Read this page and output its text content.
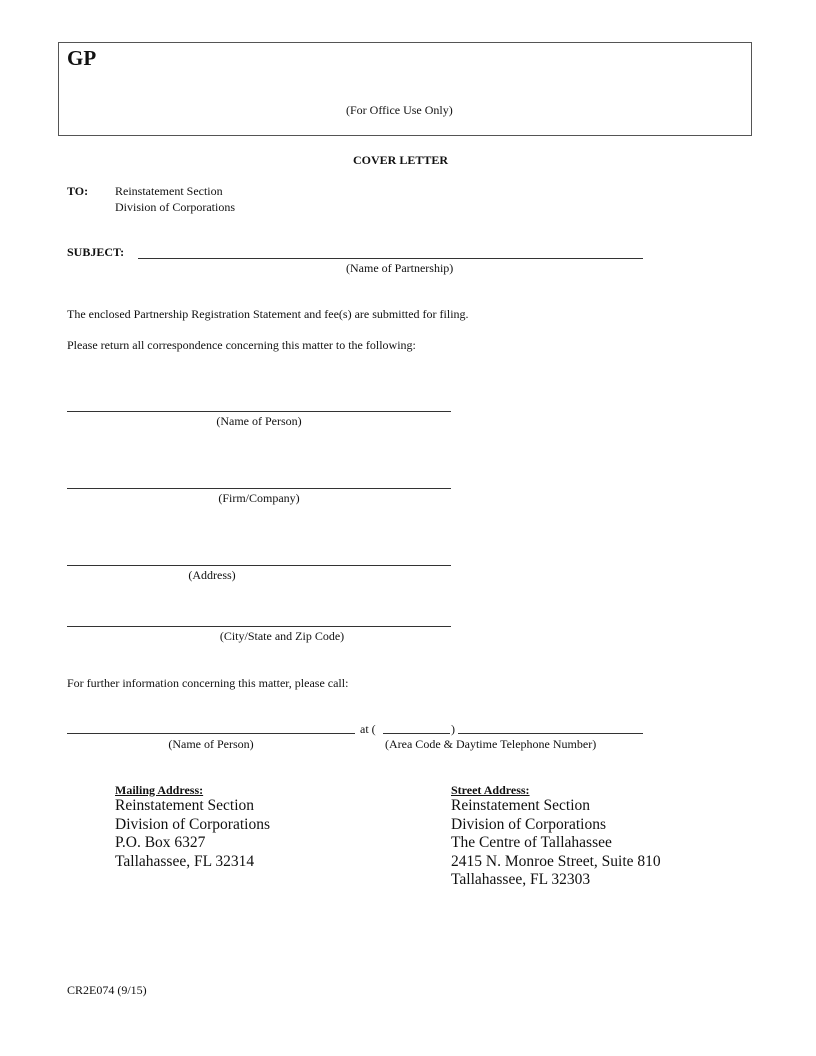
GP
(For Office Use Only)
COVER LETTER
TO: Reinstatement Section
Division of Corporations
SUBJECT:
(Name of Partnership)
The enclosed Partnership Registration Statement and fee(s) are submitted for filing.
Please return all correspondence concerning this matter to the following:
(Name of Person)
(Firm/Company)
(Address)
(City/State and Zip Code)
For further information concerning this matter, please call:
at (	)
(Name of Person)	(Area Code & Daytime Telephone Number)
Mailing Address:
Reinstatement Section
Division of Corporations
P.O. Box 6327
Tallahassee, FL 32314
Street Address:
Reinstatement Section
Division of Corporations
The Centre of Tallahassee
2415 N. Monroe Street, Suite 810
Tallahassee, FL 32303
CR2E074 (9/15)
